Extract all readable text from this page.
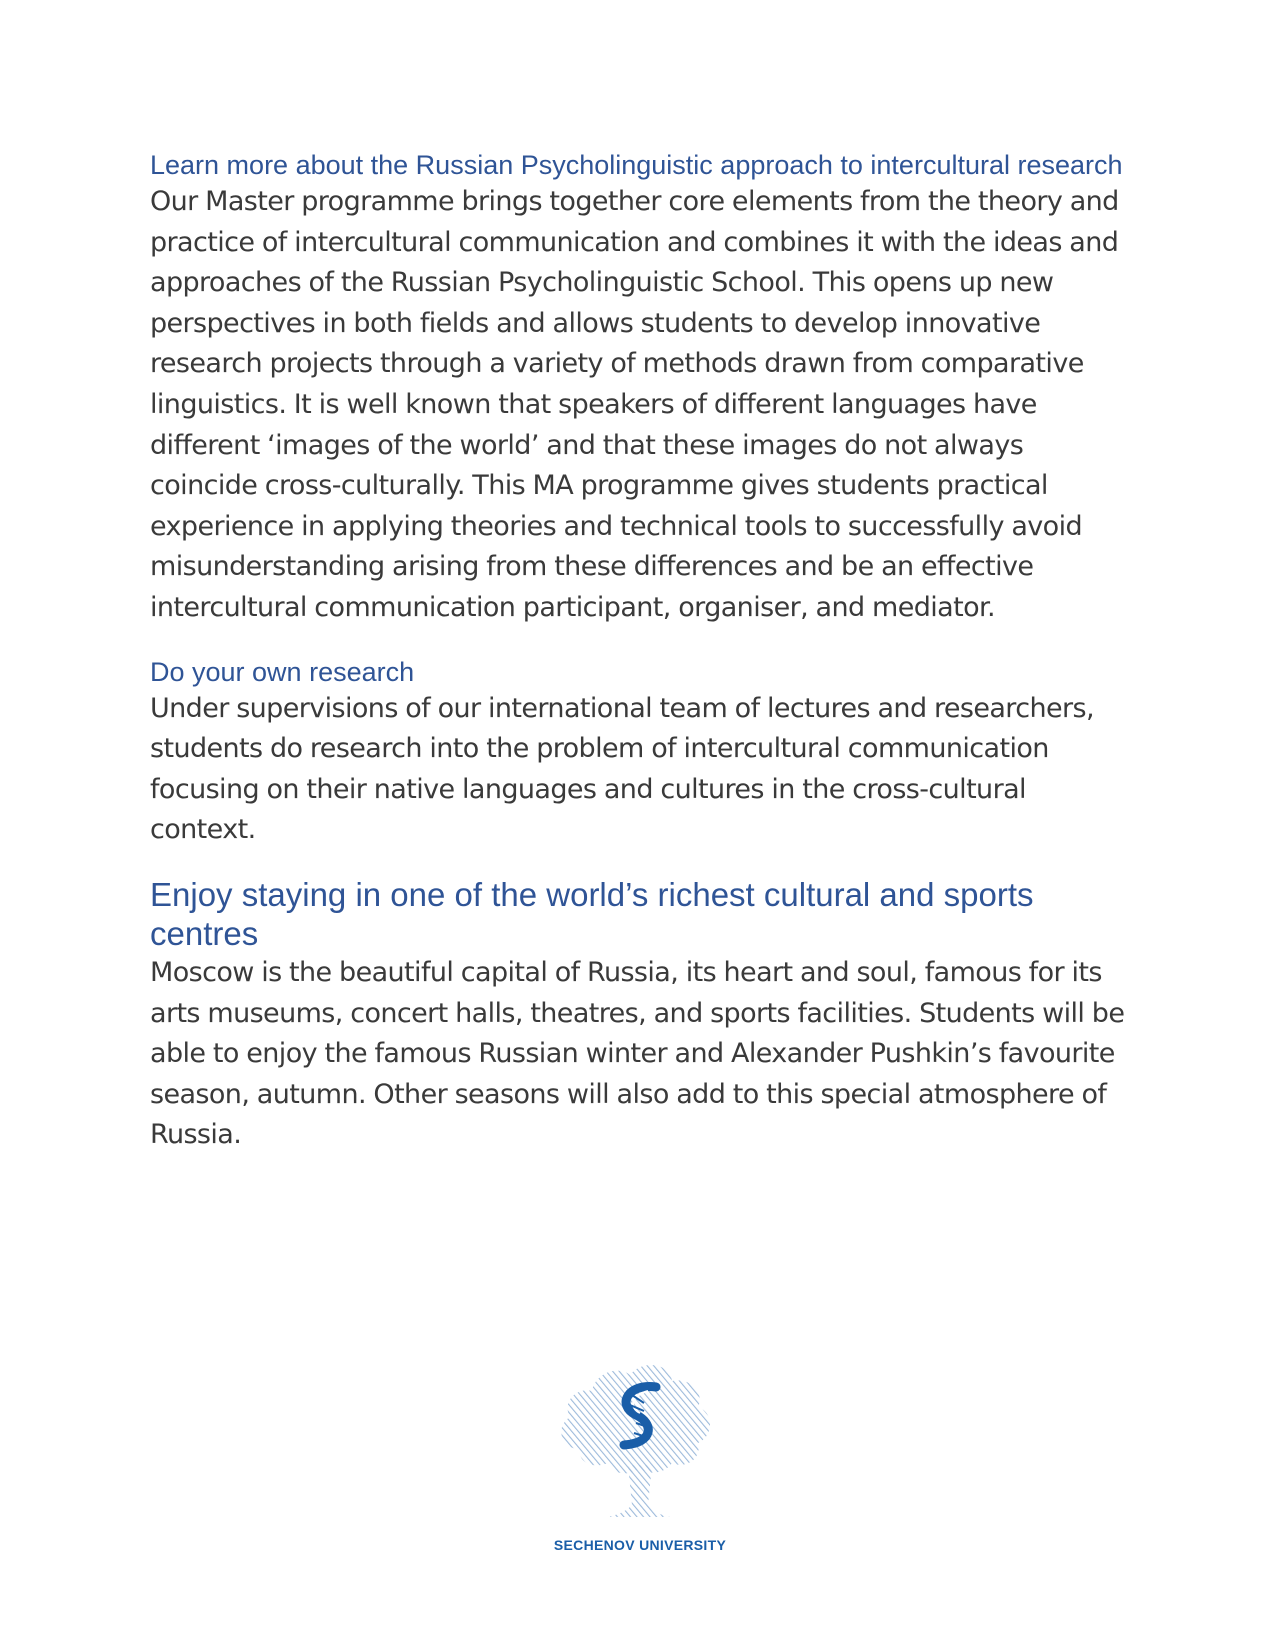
Learn more about the Russian Psycholinguistic approach to intercultural research

Our Master programme brings together core elements from the theory and practice of intercultural communication and combines it with the ideas and approaches of the Russian Psycholinguistic School. This opens up new perspectives in both fields and allows students to develop innovative research projects through a variety of methods drawn from comparative linguistics. It is well known that speakers of different languages have different ‘images of the world’ and that these images do not always coincide cross-culturally. This MA programme gives students practical experience in applying theories and technical tools to successfully avoid misunderstanding arising from these differences and be an effective intercultural communication participant, organiser, and mediator.

Do your own research

Under supervisions of our international team of lectures and researchers, students do research into the problem of intercultural communication focusing on their native languages and cultures in the cross-cultural context.

Enjoy staying in one of the world’s richest cultural and sports centres

Moscow is the beautiful capital of Russia, its heart and soul, famous for its arts museums, concert halls, theatres, and sports facilities. Students will be able to enjoy the famous Russian winter and Alexander Pushkin’s favourite season, autumn. Other seasons will also add to this special atmosphere of Russia.

SECHENOV UNIVERSITY
